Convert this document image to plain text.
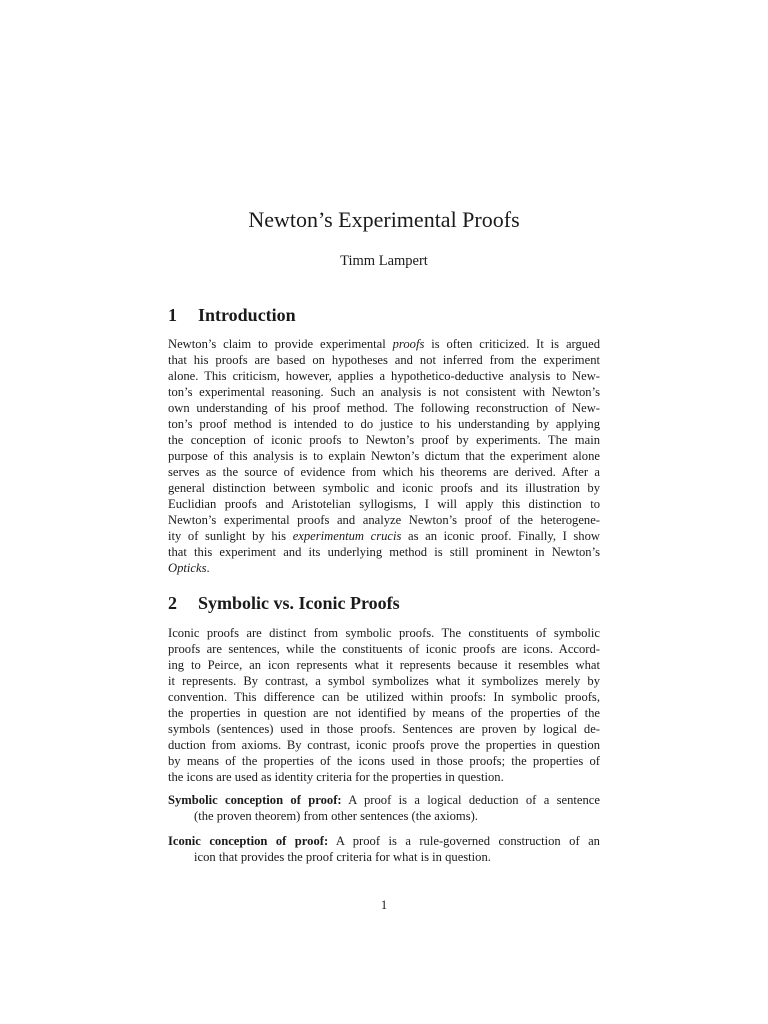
Newton’s Experimental Proofs
Timm Lampert
1 Introduction
Newton’s claim to provide experimental proofs is often criticized. It is argued
that his proofs are based on hypotheses and not inferred from the experiment
alone. This criticism, however, applies a hypothetico-deductive analysis to New-
ton’s experimental reasoning. Such an analysis is not consistent with Newton’s
own understanding of his proof method. The following reconstruction of New-
ton’s proof method is intended to do justice to his understanding by applying
the conception of iconic proofs to Newton’s proof by experiments. The main
purpose of this analysis is to explain Newton’s dictum that the experiment alone
serves as the source of evidence from which his theorems are derived. After a
general distinction between symbolic and iconic proofs and its illustration by
Euclidian proofs and Aristotelian syllogisms, I will apply this distinction to
Newton’s experimental proofs and analyze Newton’s proof of the heterogene-
ity of sunlight by his experimentum crucis as an iconic proof. Finally, I show
that this experiment and its underlying method is still prominent in Newton’s
Opticks.
2 Symbolic vs. Iconic Proofs
Iconic proofs are distinct from symbolic proofs. The constituents of symbolic
proofs are sentences, while the constituents of iconic proofs are icons. Accord-
ing to Peirce, an icon represents what it represents because it resembles what
it represents. By contrast, a symbol symbolizes what it symbolizes merely by
convention. This difference can be utilized within proofs: In symbolic proofs,
the properties in question are not identified by means of the properties of the
symbols (sentences) used in those proofs. Sentences are proven by logical de-
duction from axioms. By contrast, iconic proofs prove the properties in question
by means of the properties of the icons used in those proofs; the properties of
the icons are used as identity criteria for the properties in question.
Symbolic conception of proof: A proof is a logical deduction of a sentence
(the proven theorem) from other sentences (the axioms).
Iconic conception of proof: A proof is a rule-governed construction of an
icon that provides the proof criteria for what is in question.
1
